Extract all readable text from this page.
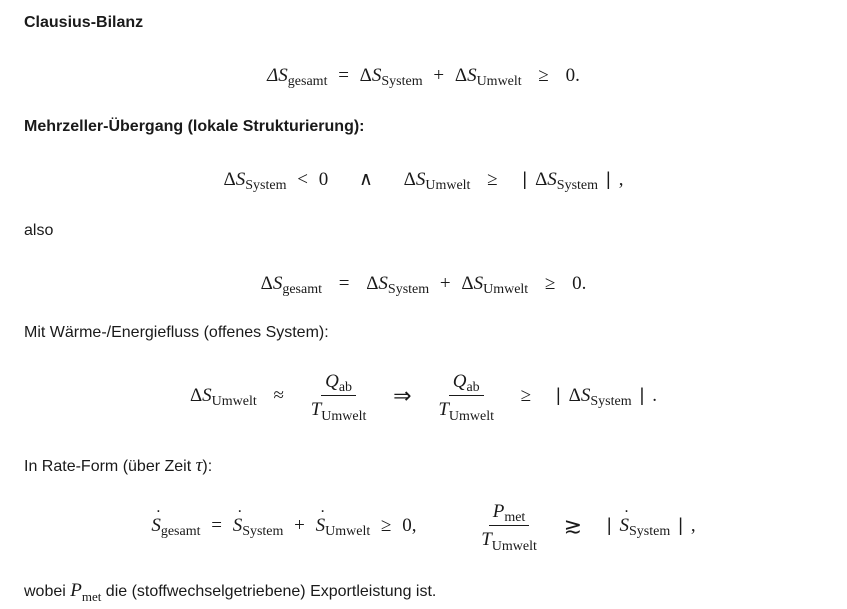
Clausius-Bilanz
$\Delta S_{gesamt} = \Delta S_{System} + \Delta S_{Umwelt} \ge 0$.
Mehrzeller-Übergang (lokale Strukturierung):
$\Delta S_{System} < 0$ ∧ $\Delta S_{Umwelt}$ ≥ | $\Delta S_{System}$ | ,
also
$\Delta S_{gesamt} = \Delta S_{System} + \Delta S_{Umwelt} \ge 0$.
Mit Wärme-/Energiefluss (offenes System):
$\Delta S_{Umwelt} \approx \frac{Q_{ab}}{T_{Umwelt}}$ ⇒ $\frac{Q_{ab}}{T_{Umwelt}}$ ≥ | $\Delta S_{System}$ | .
In Rate-Form (über Zeit τ):
S $˙_{gesamt} = S$ $˙_{System} + S$ $˙_{Umwelt} \ge 0$,	$\frac{P_{met}}{T_{Umwelt}}$ ≳ | S $˙_{System}$ | ,
wobei $P_{met}$ die (stoffwechselgetriebene) Exportleistung ist.
